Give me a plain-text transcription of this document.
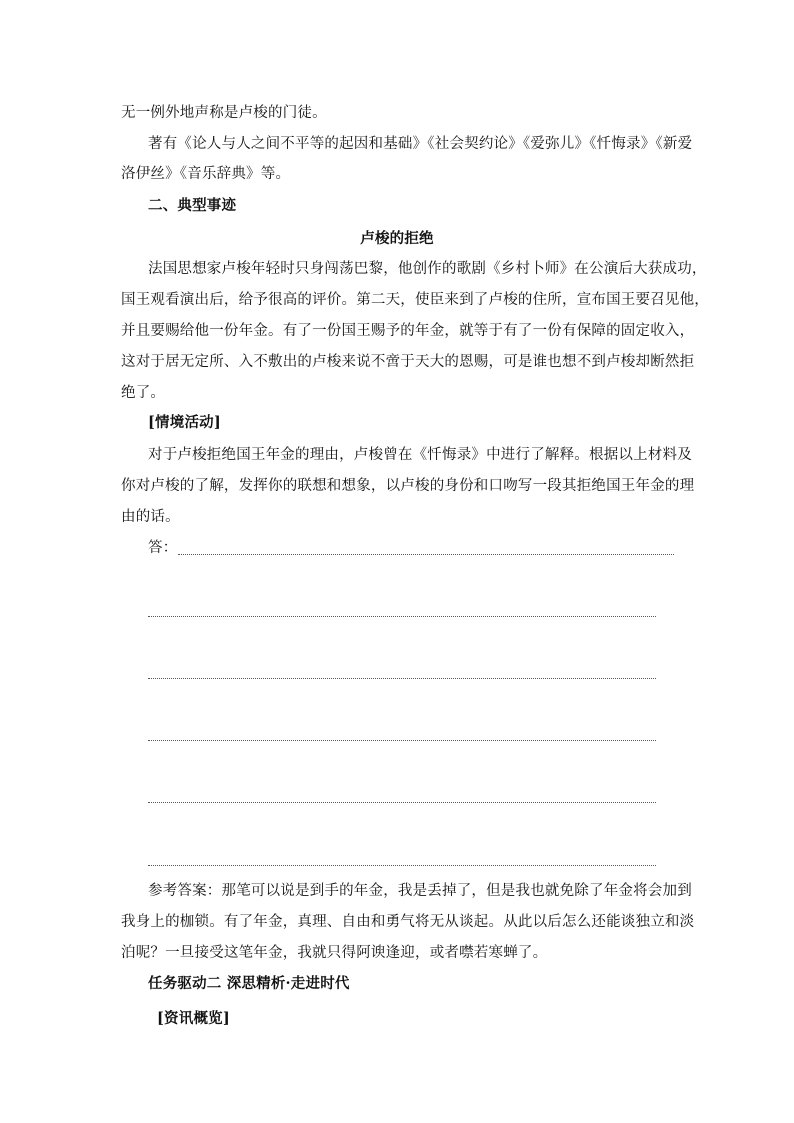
无一例外地声称是卢梭的门徒。
著有《论人与人之间不平等的起因和基础》《社会契约论》《爱弥儿》《忏悔录》《新爱
洛伊丝》《音乐辞典》等。
二、典型事迹
卢梭的拒绝
法国思想家卢梭年轻时只身闯荡巴黎，他创作的歌剧《乡村卜师》在公演后大获成功，
国王观看演出后，给予很高的评价。第二天，使臣来到了卢梭的住所，宣布国王要召见他，
并且要赐给他一份年金。有了一份国王赐予的年金，就等于有了一份有保障的固定收入，
这对于居无定所、入不敷出的卢梭来说不啻于天大的恩赐，可是谁也想不到卢梭却断然拒
绝了。
[情境活动]
对于卢梭拒绝国王年金的理由，卢梭曾在《忏悔录》中进行了解释。根据以上材料及
你对卢梭的了解，发挥你的联想和想象，以卢梭的身份和口吻写一段其拒绝国王年金的理
由的话。
答：
参考答案：那笔可以说是到手的年金，我是丢掉了，但是我也就免除了年金将会加到
我身上的枷锁。有了年金，真理、自由和勇气将无从谈起。从此以后怎么还能谈独立和淡
泊呢？一旦接受这笔年金，我就只得阿谀逢迎，或者噤若寒蝉了。
任务驱动二 深思精析·走进时代
[资讯概览]
